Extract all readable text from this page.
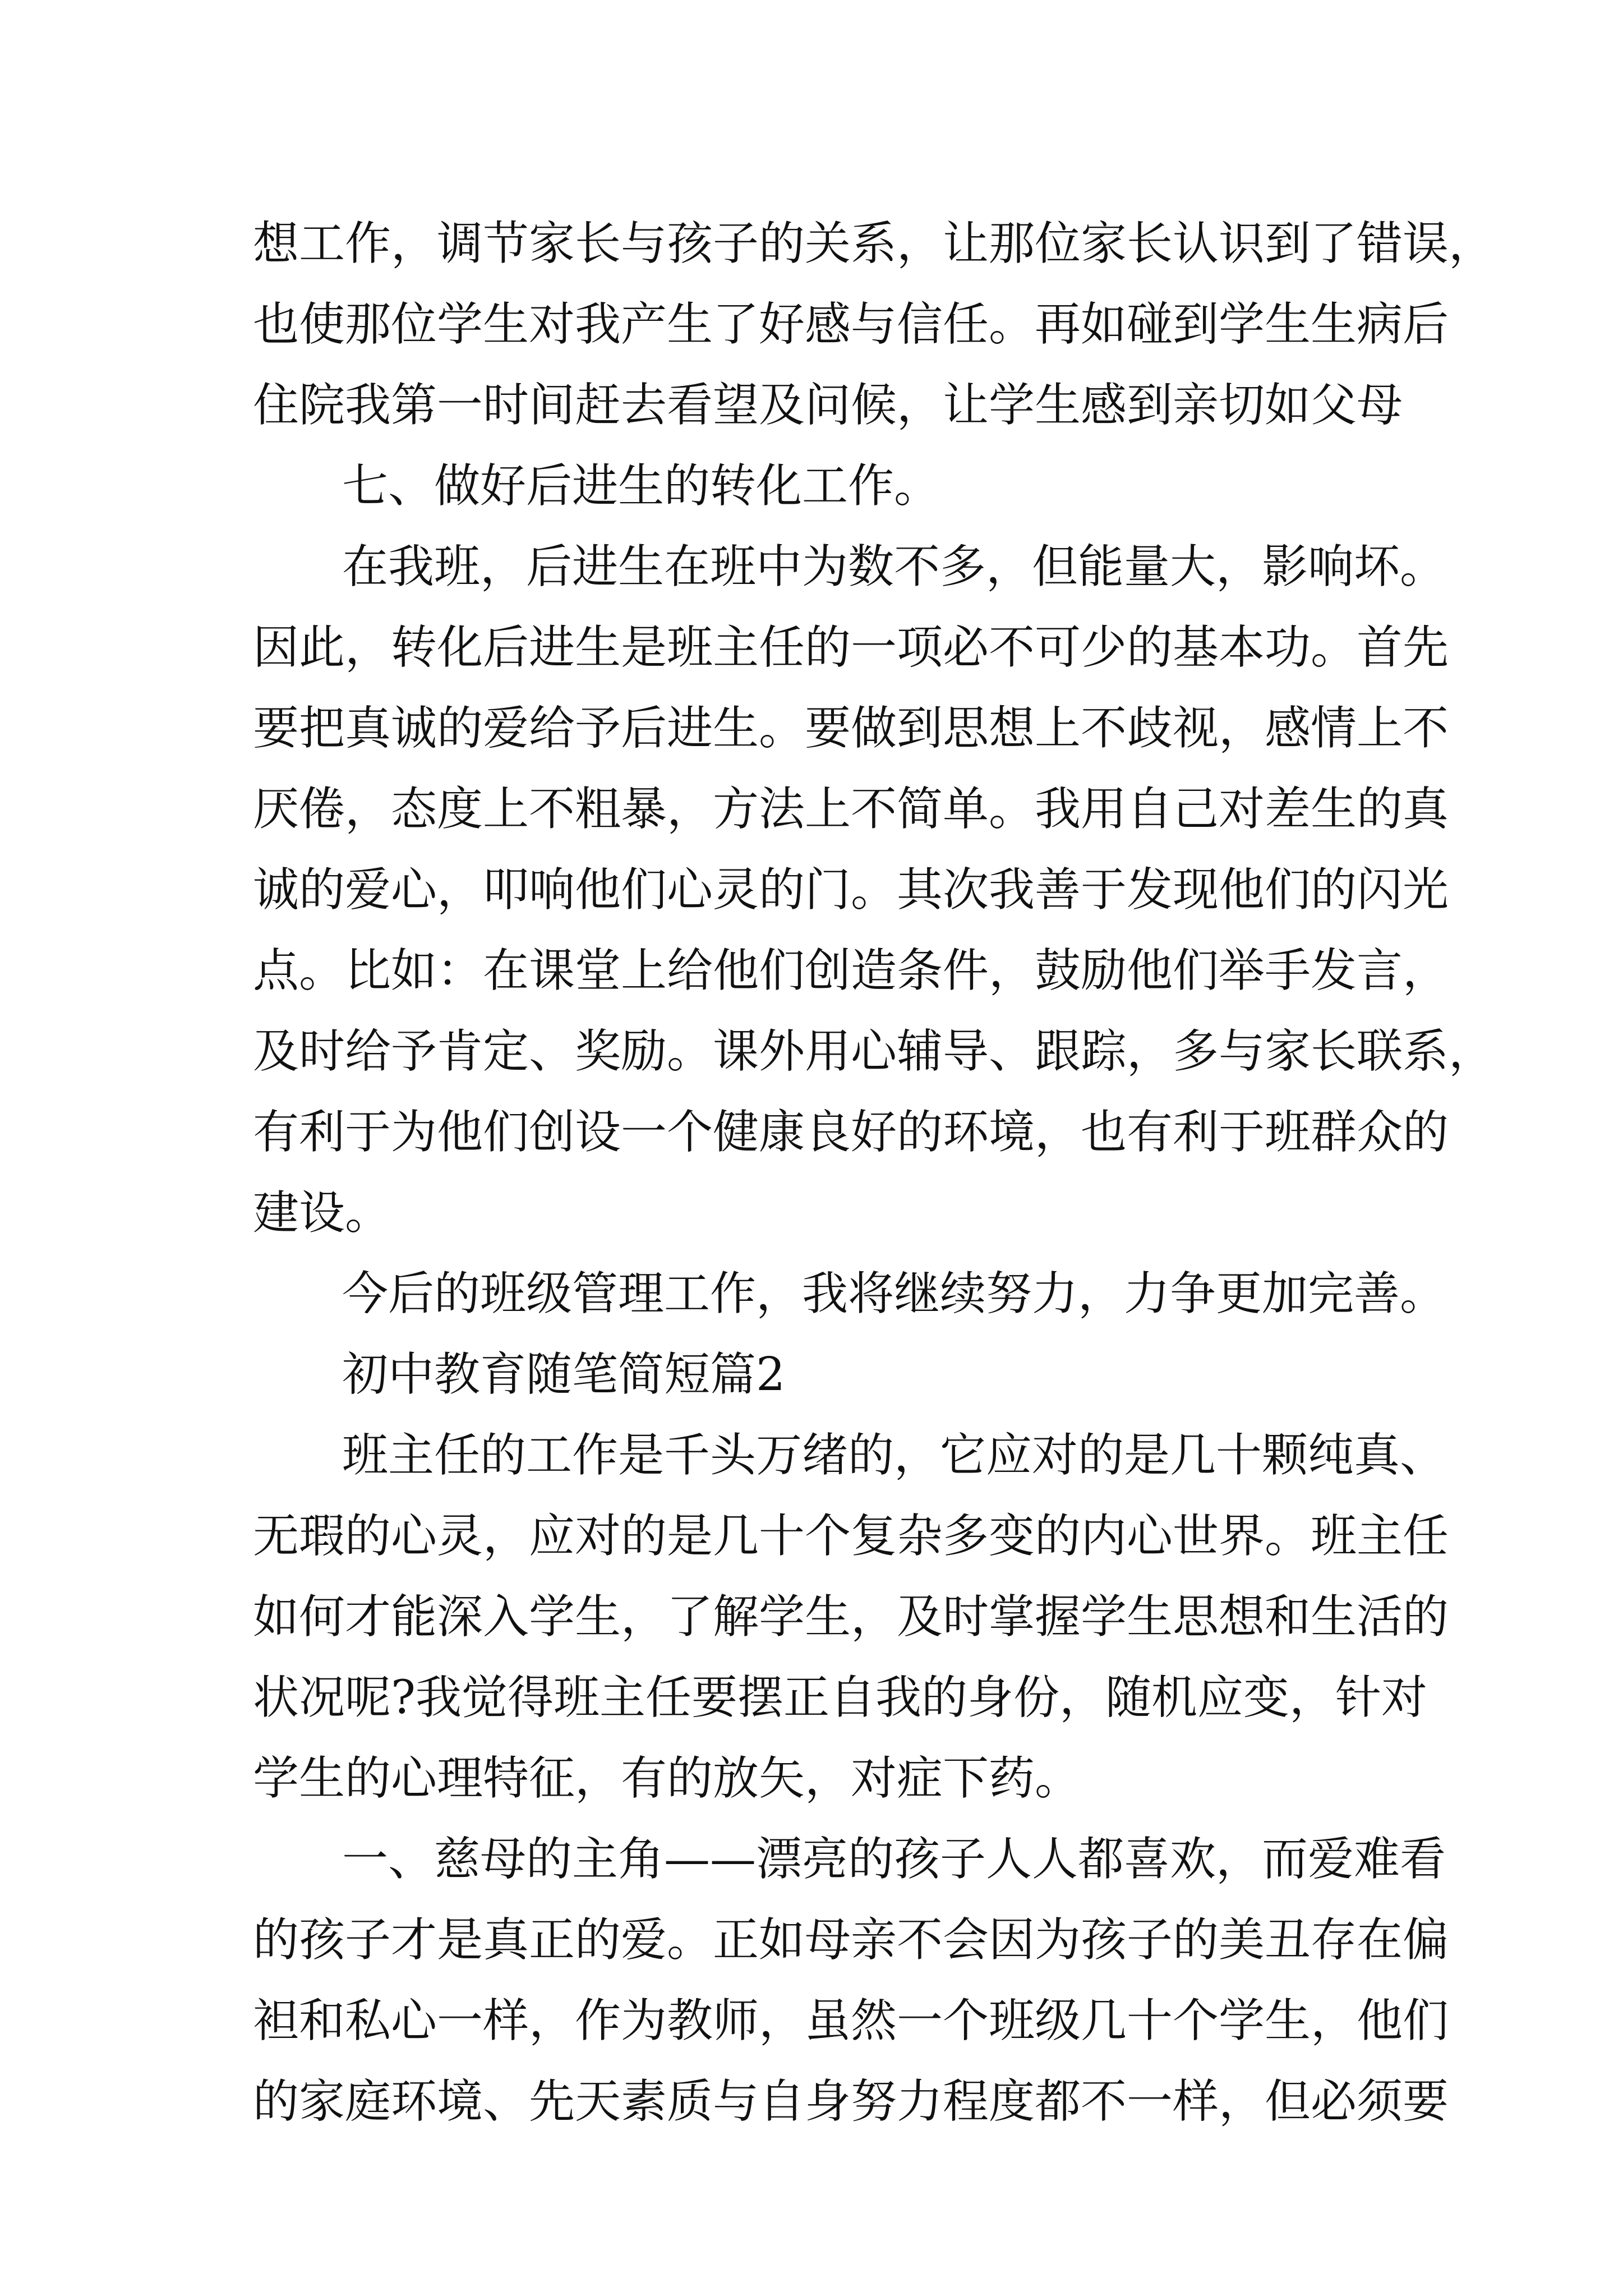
想工作，调节家长与孩子的关系，让那位家长认识到了错误，
也使那位学生对我产生了好感与信任。再如碰到学生生病后
住院我第一时间赶去看望及问候，让学生感到亲切如父母
七、做好后进生的转化工作。
在我班，后进生在班中为数不多，但能量大，影响坏。
因此，转化后进生是班主任的一项必不可少的基本功。首先
要把真诚的爱给予后进生。要做到思想上不歧视，感情上不
厌倦，态度上不粗暴，方法上不简单。我用自己对差生的真
诚的爱心，叩响他们心灵的门。其次我善于发现他们的闪光
点。比如：在课堂上给他们创造条件，鼓励他们举手发言，
及时给予肯定、奖励。课外用心辅导、跟踪，多与家长联系，
有利于为他们创设一个健康良好的环境，也有利于班群众的
建设。
今后的班级管理工作，我将继续努力，力争更加完善。
初中教育随笔简短篇2
班主任的工作是千头万绪的，它应对的是几十颗纯真、
无瑕的心灵，应对的是几十个复杂多变的内心世界。班主任
如何才能深入学生，了解学生，及时掌握学生思想和生活的
状况呢?我觉得班主任要摆正自我的身份，随机应变，针对
学生的心理特征，有的放矢，对症下药。
一、慈母的主角——漂亮的孩子人人都喜欢，而爱难看
的孩子才是真正的爱。正如母亲不会因为孩子的美丑存在偏
袒和私心一样，作为教师，虽然一个班级几十个学生，他们
的家庭环境、先天素质与自身努力程度都不一样，但必须要
